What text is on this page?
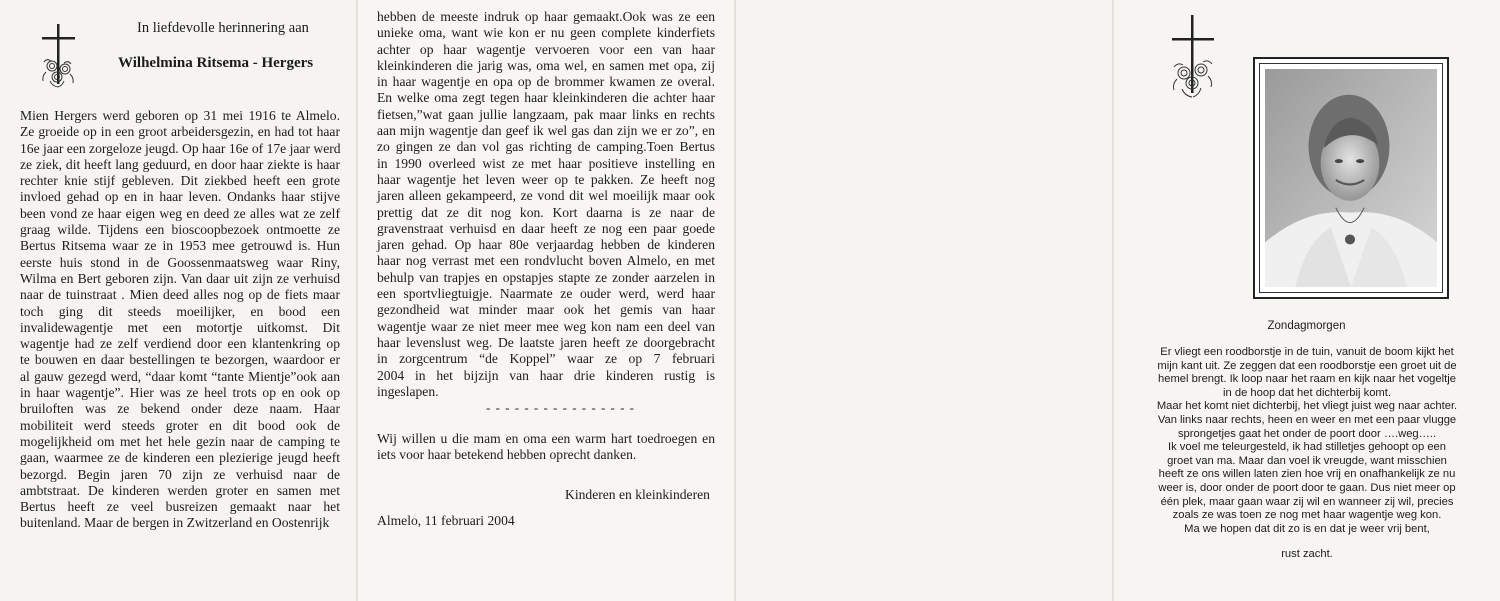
In liefdevolle herinnering aan
Wilhelmina Ritsema - Hergers
Mien Hergers werd geboren op 31 mei 1916 te Almelo.
Ze groeide op in een groot arbeidersgezin, en had tot haar
16e jaar een zorgeloze jeugd. Op haar 16e of 17e jaar werd
ze ziek, dit heeft lang geduurd, en door haar ziekte is haar
rechter knie stijf gebleven. Dit ziekbed heeft een grote
invloed gehad op en in haar leven. Ondanks haar stijve
been vond ze haar eigen weg en deed ze alles wat ze zelf
graag wilde. Tijdens een bioscoopbezoek ontmoette ze
Bertus Ritsema waar ze in 1953 mee getrouwd is. Hun
eerste huis stond in de Goossenmaatsweg waar Riny,
Wilma en Bert geboren zijn. Van daar uit zijn ze verhuisd
naar de tuinstraat . Mien deed alles nog op de fiets maar
toch ging dit steeds moeilijker, en bood een
invalidewagentje met een motortje uitkomst. Dit
wagentje had ze zelf verdiend door een klantenkring op
te bouwen en daar bestellingen te bezorgen, waardoor er
al gauw gezegd werd, “daar komt “tante Mientje”ook aan
in haar wagentje”. Hier was ze heel trots op en ook op
bruiloften was ze bekend onder deze naam. Haar
mobiliteit werd steeds groter en dit bood ook de
mogelijkheid om met het hele gezin naar de camping te
gaan, waarmee ze de kinderen een plezierige jeugd heeft
bezorgd. Begin jaren 70 zijn ze verhuisd naar de
ambtstraat. De kinderen werden groter en samen met
Bertus heeft ze veel busreizen gemaakt naar het
buitenland. Maar de bergen in Zwitzerland en Oostenrijk
hebben de meeste indruk op haar gemaakt.Ook was ze een
unieke oma, want wie kon er nu geen complete kinderfiets
achter op haar wagentje vervoeren voor een van haar
kleinkinderen die jarig was, oma wel, en samen met opa, zij
in haar wagentje en opa op de brommer kwamen ze overal.
En welke oma zegt tegen haar kleinkinderen die achter haar
fietsen,”wat gaan jullie langzaam, pak maar links en rechts
aan mijn wagentje dan geef ik wel gas dan zijn we er zo”, en
zo gingen ze dan vol gas richting de camping.Toen Bertus
in 1990 overleed wist ze met haar positieve instelling en
haar wagentje het leven weer op te pakken. Ze heeft nog
jaren alleen gekampeerd, ze vond dit wel moeilijk maar ook
prettig dat ze dit nog kon. Kort daarna is ze naar de
gravenstraat verhuisd en daar heeft ze nog een paar goede
jaren gehad. Op haar 80e verjaardag hebben de kinderen
haar nog verrast met een rondvlucht boven Almelo, en met
behulp van trapjes en opstapjes stapte ze zonder aarzelen in
een sportvliegtuigje. Naarmate ze ouder werd, werd haar
gezondheid wat minder maar ook het gemis van haar
wagentje waar ze niet meer mee weg kon nam een deel van
haar levenslust weg. De laatste jaren heeft ze doorgebracht
in zorgcentrum “de Koppel” waar ze op 7 februari
2004 in het bijzijn van haar drie kinderen rustig is
ingeslapen.
- - - - - - - - - - - - - - - -
Wij willen u die mam en oma een warm hart toedroegen en
iets voor haar betekend hebben oprecht danken.
Kinderen en kleinkinderen
Almelo, 11 februari 2004
Zondagmorgen
Er vliegt een roodborstje in de tuin, vanuit de boom kijkt het
mijn kant uit. Ze zeggen dat een roodborstje een groet uit de
hemel brengt. Ik loop naar het raam en kijk naar het vogeltje
in de hoop dat het dichterbij komt.
Maar het komt niet dichterbij, het vliegt juist weg naar achter.
Van links naar rechts, heen en weer en met een paar vlugge
sprongetjes gaat het onder de poort door ….weg…..
Ik voel me teleurgesteld, ik had stilletjes gehoopt op een
groet van ma. Maar dan voel ik vreugde, want misschien
heeft ze ons willen laten zien hoe vrij en onafhankelijk ze nu
weer is, door onder de poort door te gaan. Dus niet meer op
één plek, maar gaan waar zij wil en wanneer zij wil, precies
zoals ze was toen ze nog met haar wagentje weg kon.
Ma we hopen dat dit zo is en dat je weer vrij bent,
rust zacht.
